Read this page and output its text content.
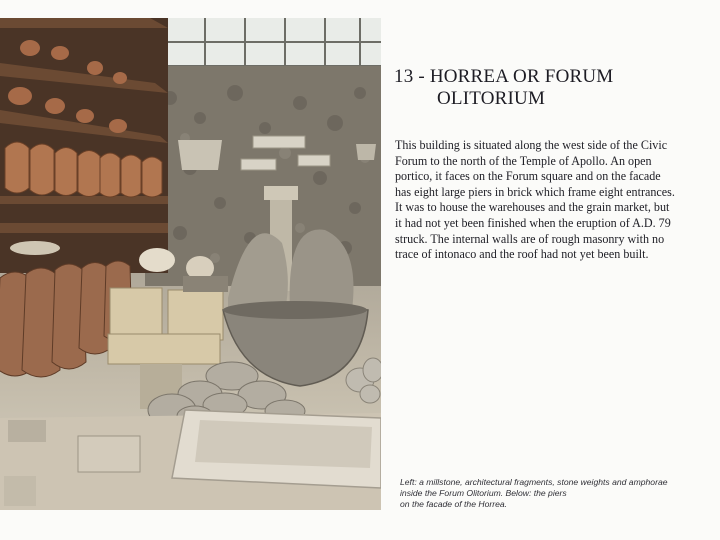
13 - HORREA OR FORUM
OLITORIUM
This building is situated along the west side of the Civic
Forum to the north of the Temple of Apollo. An open
portico, it faces on the Forum square and on the facade
has eight large piers in brick which frame eight entrances.
It was to house the warehouses and the grain market, but
it had not yet been finished when the eruption of A.D. 79
struck. The internal walls are of rough masonry with no
trace of intonaco and the roof had not yet been built.
Left: a millstone, architectural fragments, stone weights and amphorae
inside the Forum Olitorium. Below: the piers
on the facade of the Horrea.
